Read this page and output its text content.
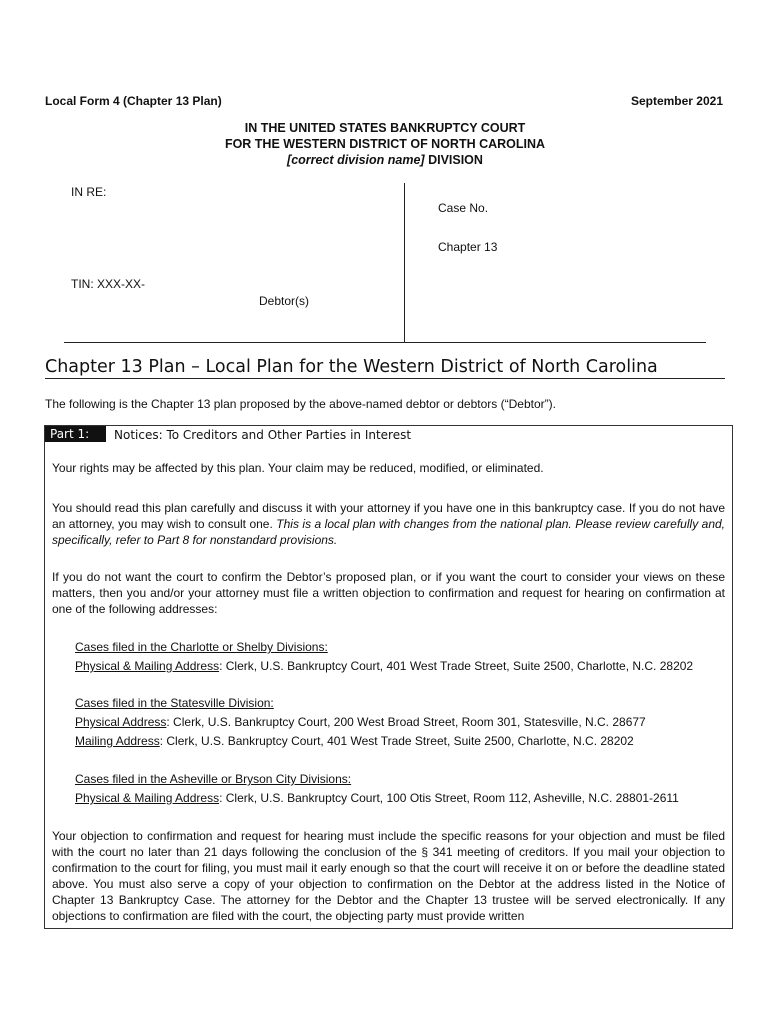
Local Form 4 (Chapter 13 Plan)	September 2021
IN THE UNITED STATES BANKRUPTCY COURT
FOR THE WESTERN DISTRICT OF NORTH CAROLINA
[correct division name] DIVISION
IN RE:
TIN: XXX-XX-
Debtor(s)
Case No.
Chapter 13
Chapter 13 Plan – Local Plan for the Western District of North Carolina
The following is the Chapter 13 plan proposed by the above-named debtor or debtors (“Debtor”).
Part 1:	Notices: To Creditors and Other Parties in Interest
Your rights may be affected by this plan. Your claim may be reduced, modified, or eliminated.
You should read this plan carefully and discuss it with your attorney if you have one in this bankruptcy case. If you do not have an attorney, you may wish to consult one. This is a local plan with changes from the national plan. Please review carefully and, specifically, refer to Part 8 for nonstandard provisions.
If you do not want the court to confirm the Debtor’s proposed plan, or if you want the court to consider your views on these matters, then you and/or your attorney must file a written objection to confirmation and request for hearing on confirmation at one of the following addresses:
Cases filed in the Charlotte or Shelby Divisions:
Physical & Mailing Address: Clerk, U.S. Bankruptcy Court, 401 West Trade Street, Suite 2500, Charlotte, N.C. 28202
Cases filed in the Statesville Division:
Physical Address: Clerk, U.S. Bankruptcy Court, 200 West Broad Street, Room 301, Statesville, N.C. 28677
Mailing Address: Clerk, U.S. Bankruptcy Court, 401 West Trade Street, Suite 2500, Charlotte, N.C. 28202
Cases filed in the Asheville or Bryson City Divisions:
Physical & Mailing Address: Clerk, U.S. Bankruptcy Court, 100 Otis Street, Room 112, Asheville, N.C. 28801-2611
Your objection to confirmation and request for hearing must include the specific reasons for your objection and must be filed with the court no later than 21 days following the conclusion of the § 341 meeting of creditors. If you mail your objection to confirmation to the court for filing, you must mail it early enough so that the court will receive it on or before the deadline stated above. You must also serve a copy of your objection to confirmation on the Debtor at the address listed in the Notice of Chapter 13 Bankruptcy Case. The attorney for the Debtor and the Chapter 13 trustee will be served electronically. If any objections to confirmation are filed with the court, the objecting party must provide written
